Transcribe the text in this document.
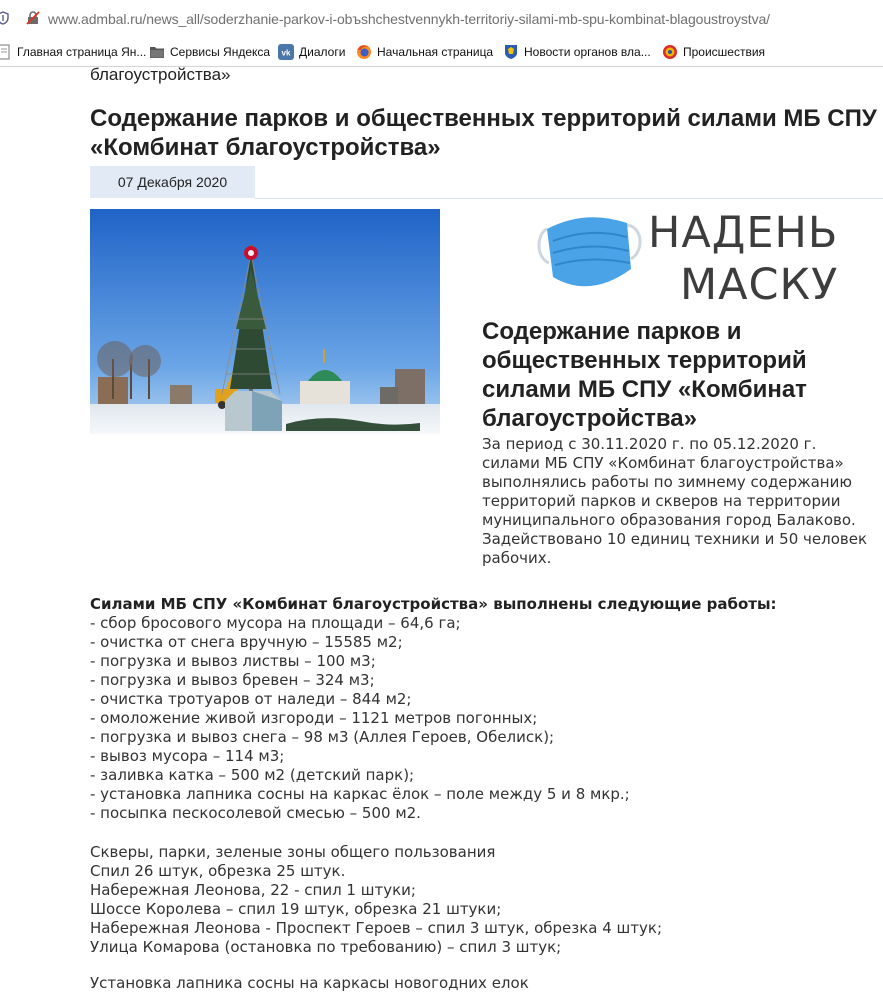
www.admbal.ru/news_all/soderzhanie-parkov-i-obъshchestvennykh-territoriy-silami-mb-spu-kombinat-blagoustroystva/
Главная страница Ян... Сервисы Яндекса vk Диалоги	Начальная страница	Новости органов вла...	Происшествия
благоустройства»
Содержание парков и общественных территорий силами МБ СПУ «Комбинат благоустройства»
07 Декабря 2020
НАДЕНЬ
МАСКУ
Содержание парков и общественных территорий силами МБ СПУ «Комбинат благоустройства»
За период с 30.11.2020 г. по 05.12.2020 г.
силами МБ СПУ «Комбинат благоустройства»
выполнялись работы по зимнему содержанию
территорий парков и скверов на территории
муниципального образования город Балаково.
Задействовано 10 единиц техники и 50 человек
рабочих.
Силами МБ СПУ «Комбинат благоустройства» выполнены следующие работы:
- сбор бросового мусора на площади – 64,6 га;
- очистка от снега вручную – 15585 м2;
- погрузка и вывоз листвы – 100 м3;
- погрузка и вывоз бревен – 324 м3;
- очистка тротуаров от наледи – 844 м2;
- омоложение живой изгороди – 1121 метров погонных;
- погрузка и вывоз снега – 98 м3 (Аллея Героев, Обелиск);
- вывоз мусора – 114 м3;
- заливка катка – 500 м2 (детский парк);
- установка лапника сосны на каркас ёлок – поле между 5 и 8 мкр.;
- посыпка пескосолевой смесью – 500 м2.
Скверы, парки, зеленые зоны общего пользования
Спил 26 штук, обрезка 25 штук.
Набережная Леонова, 22 - спил 1 штуки;
Шоссе Королева – спил 19 штук, обрезка 21 штуки;
Набережная Леонова - Проспект Героев – спил 3 штук, обрезка 4 штук;
Улица Комарова (остановка по требованию) – спил 3 штук;
Установка лапника сосны на каркасы новогодних елок
